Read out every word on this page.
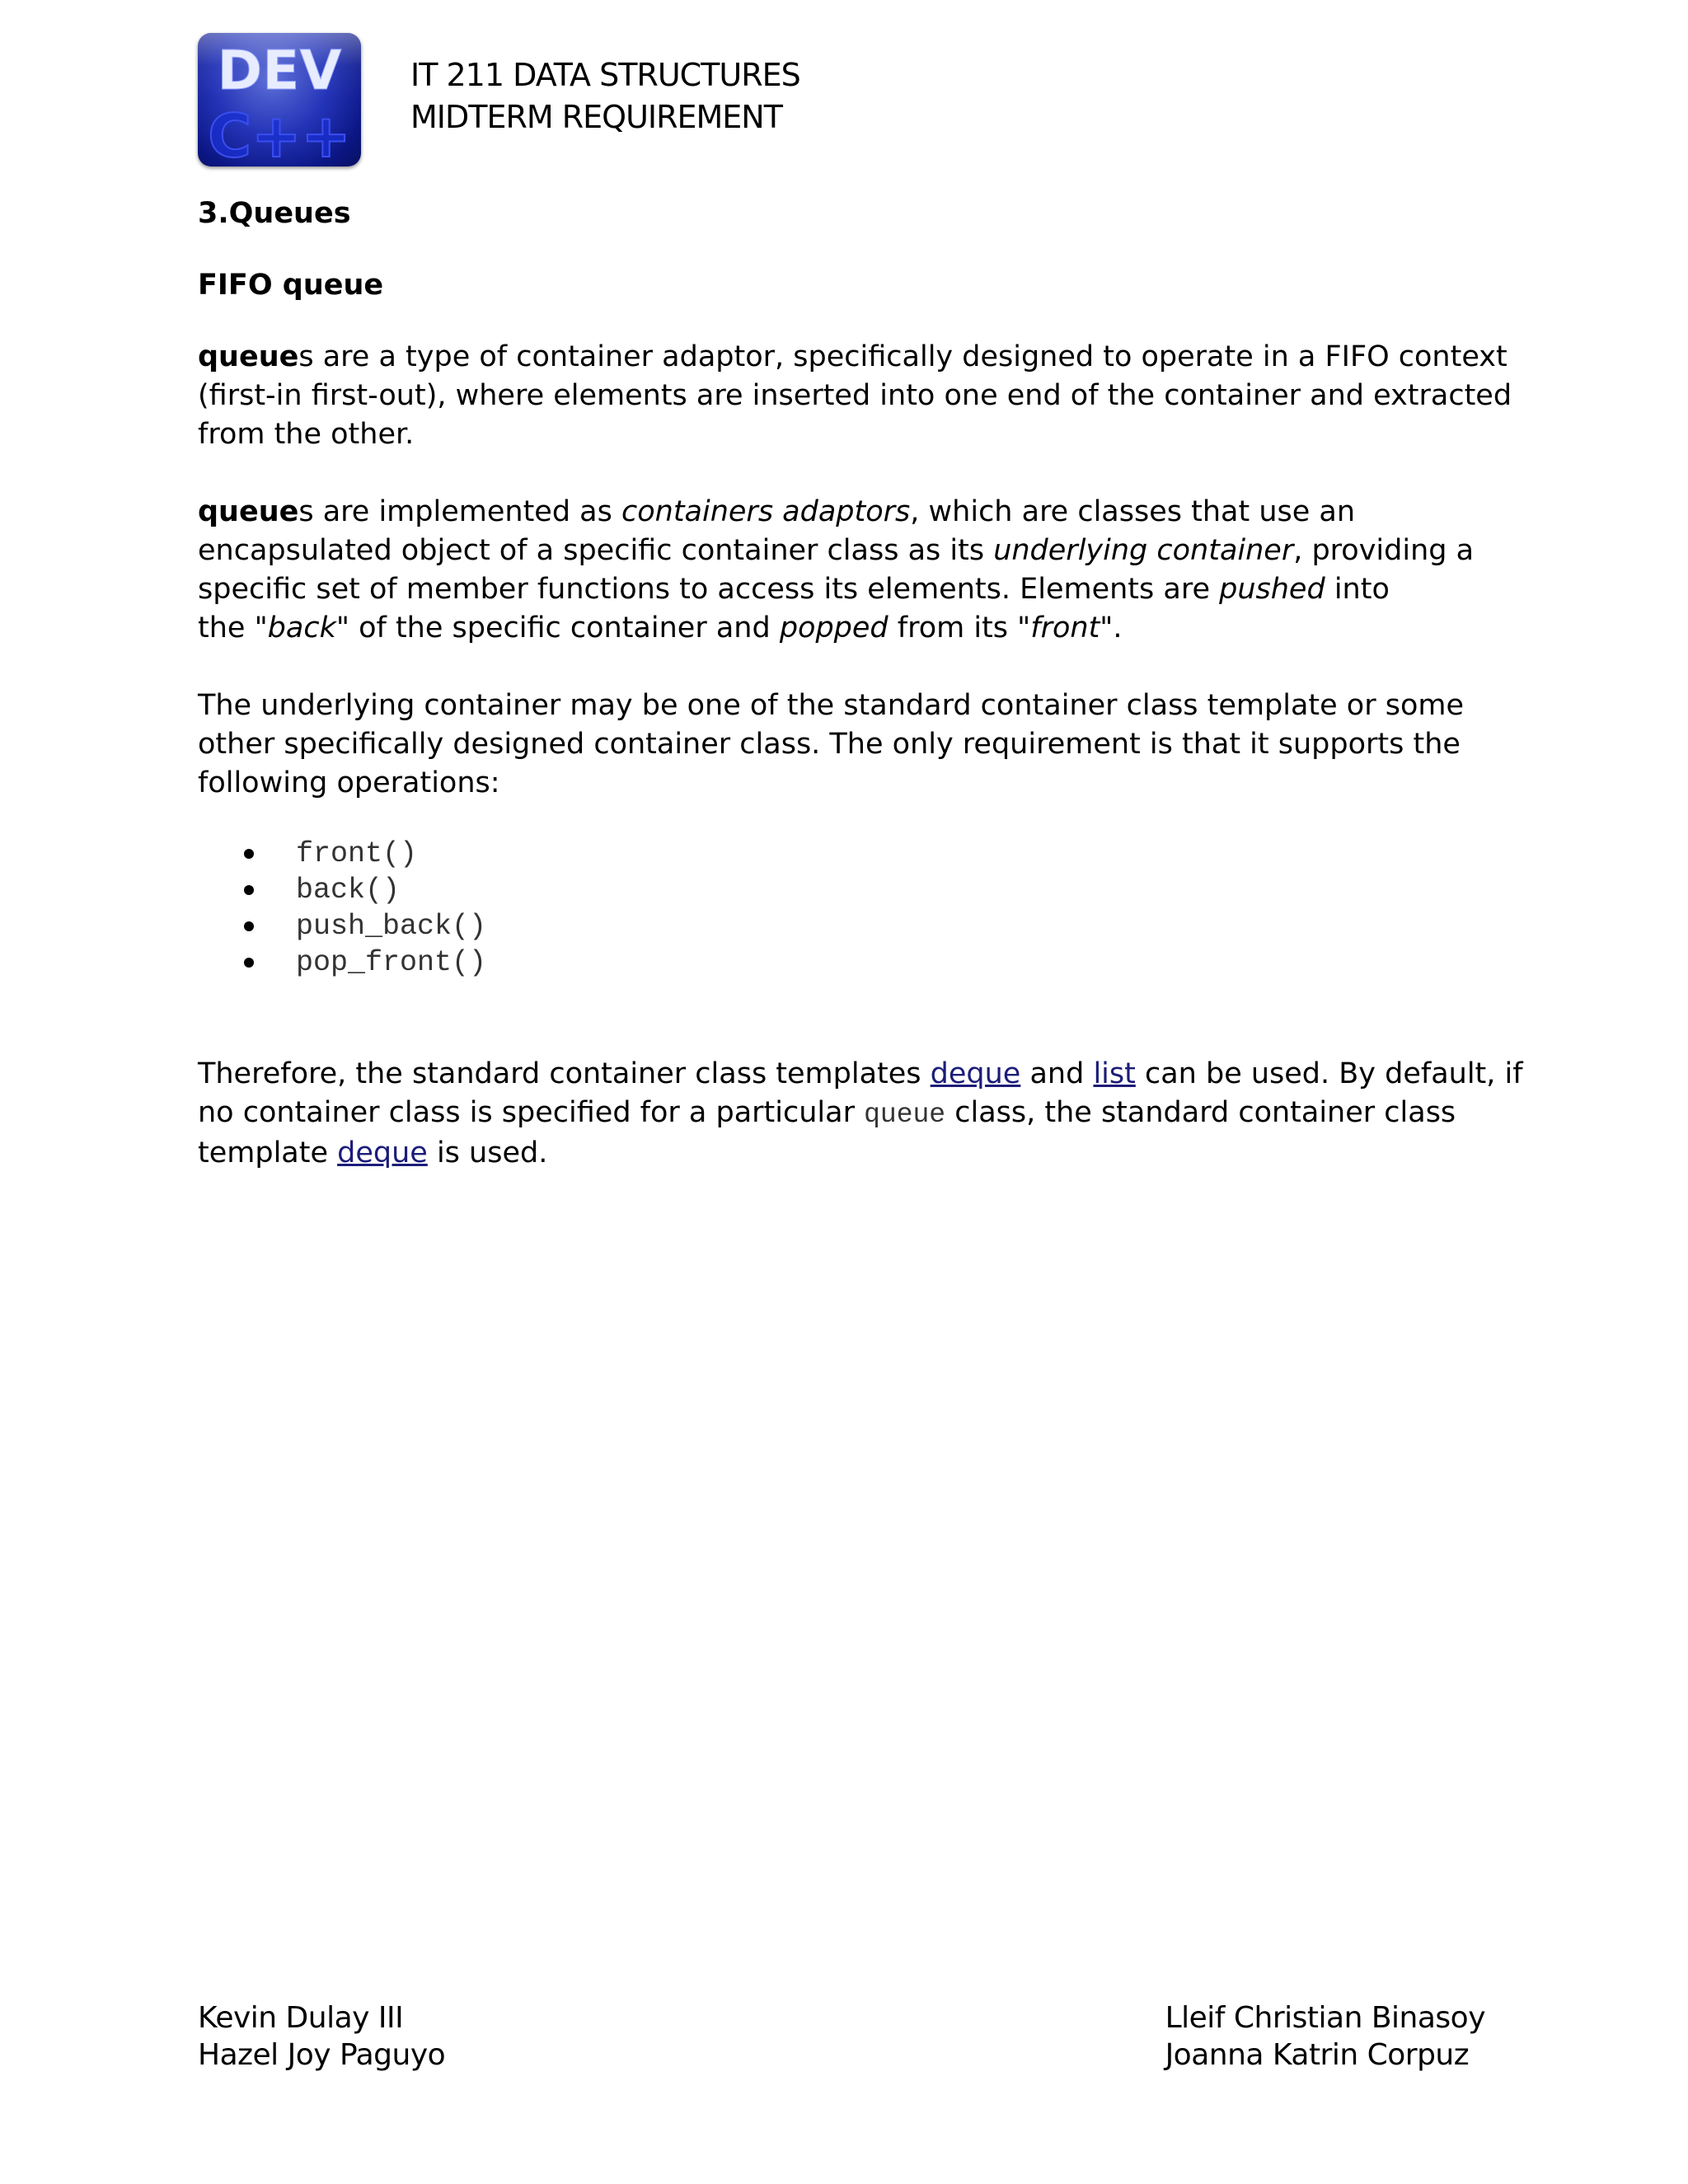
DEV
C++
IT 211 DATA STRUCTURES
MIDTERM REQUIREMENT
3.Queues
FIFO queue

queues are a type of container adaptor, specifically designed to operate in a FIFO context
(first-in first-out), where elements are inserted into one end of the container and extracted
from the other.

queues are implemented as containers adaptors, which are classes that use an
encapsulated object of a specific container class as its underlying container, providing a
specific set of member functions to access its elements. Elements are pushed into
the "back" of the specific container and popped from its "front".

The underlying container may be one of the standard container class template or some
other specifically designed container class. The only requirement is that it supports the
following operations:

front()
back()
push_back()
pop_front()

Therefore, the standard container class templates deque and list can be used. By default, if
no container class is specified for a particular queue class, the standard container class
template deque is used.

Kevin Dulay III
Hazel Joy Paguyo
Lleif Christian Binasoy
Joanna Katrin Corpuz
